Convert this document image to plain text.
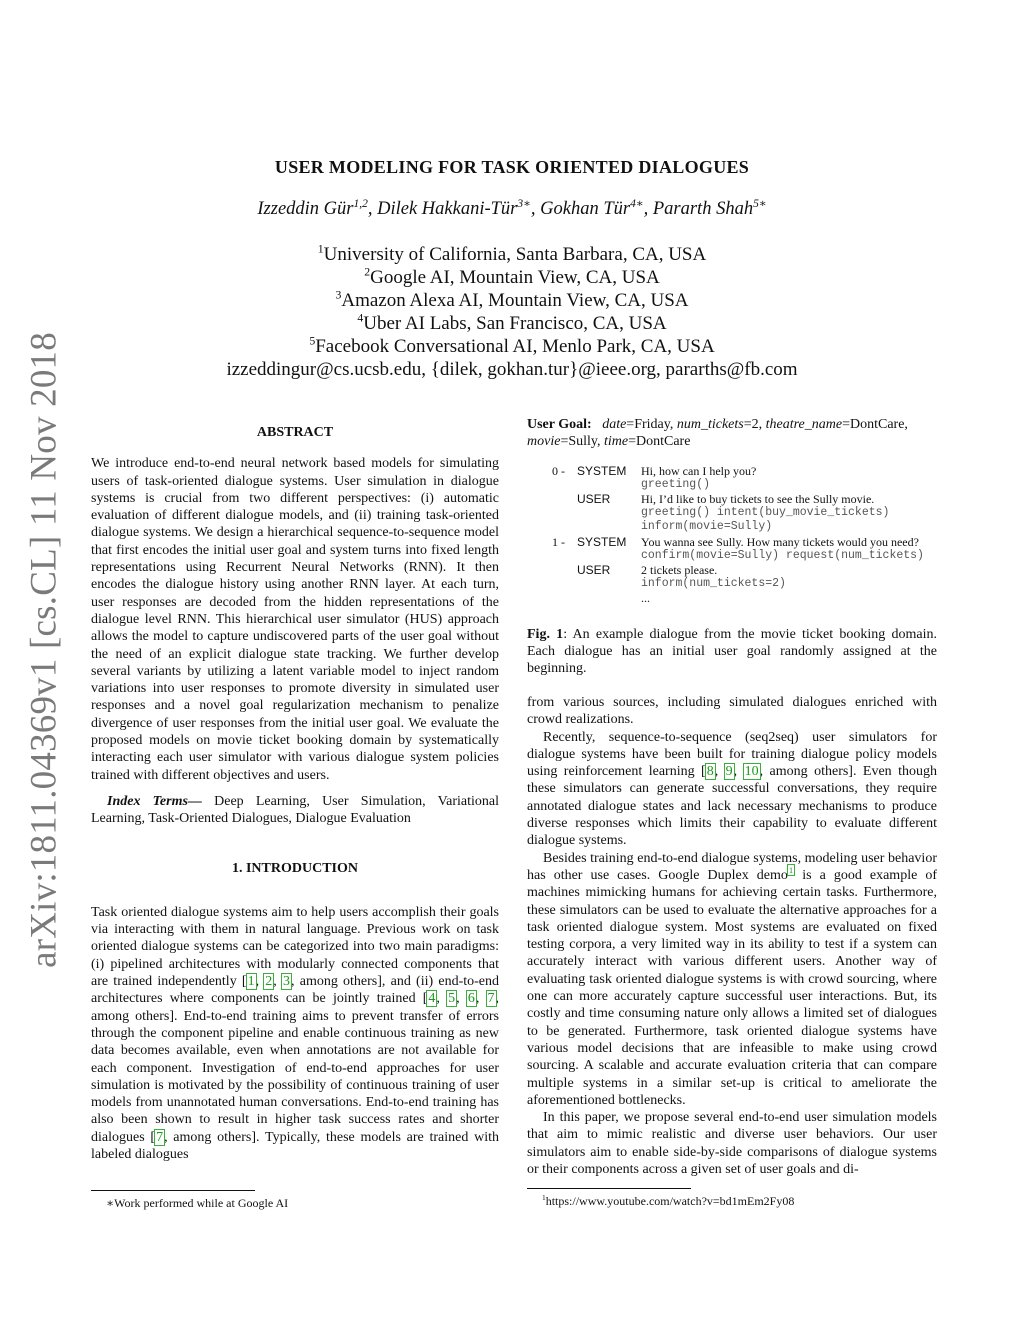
arXiv:1811.04369v1 [cs.CL] 11 Nov 2018
USER MODELING FOR TASK ORIENTED DIALOGUES
Izzeddin Gür$^{1,2}$, Dilek Hakkani-Tür$^{3∗}$, Gokhan Tür$^{4∗}$, Pararth Shah$^{5∗}$
$^1$University of California, Santa Barbara, CA, USA
$^2$Google AI, Mountain View, CA, USA
$^3$Amazon Alexa AI, Mountain View, CA, USA
$^4$Uber AI Labs, San Francisco, CA, USA
$^5$Facebook Conversational AI, Menlo Park, CA, USA
izzeddingur@cs.ucsb.edu, {dilek, gokhan.tur}@ieee.org, pararths@fb.com
ABSTRACT

We introduce end-to-end neural network based models for simulating users of task-oriented dialogue systems. User simulation in dialogue systems is crucial from two different perspectives: (i) automatic evaluation of different dialogue models, and (ii) training task-oriented dialogue systems. We design a hierarchical sequence-to-sequence model that first encodes the initial user goal and system turns into fixed length representations using Recurrent Neural Networks (RNN). It then encodes the dialogue history using another RNN layer. At each turn, user responses are decoded from the hidden representations of the dialogue level RNN. This hierarchical user simulator (HUS) approach allows the model to capture undiscovered parts of the user goal without the need of an explicit dialogue state tracking. We further develop several variants by utilizing a latent variable model to inject random variations into user responses to promote diversity in simulated user responses and a novel goal regularization mechanism to penalize divergence of user responses from the initial user goal. We evaluate the proposed models on movie ticket booking domain by systematically interacting each user simulator with various dialogue system policies trained with different objectives and users.

Index Terms— Deep Learning, User Simulation, Variational Learning, Task-Oriented Dialogues, Dialogue Evaluation

1. INTRODUCTION

Task oriented dialogue systems aim to help users accomplish their goals via interacting with them in natural language. Previous work on task oriented dialogue systems can be categorized into two main paradigms: (i) pipelined architectures with modularly connected components that are trained independently [1, 2, 3, among others], and (ii) end-to-end architectures where components can be jointly trained [4, 5, 6, 7, among others]. End-to-end training aims to prevent transfer of errors through the component pipeline and enable continuous training as new data becomes available, even when annotations are not available for each component. Investigation of end-to-end approaches for user simulation is motivated by the possibility of continuous training of user models from unannotated human conversations. End-to-end training has also been shown to result in higher task success rates and shorter dialogues [7, among others]. Typically, these models are trained with labeled dialogues

∗Work performed while at Google AI

User Goal: date=Friday, num_tickets=2, theatre_name=DontCare, movie=Sully, time=DontCare

0 -	SYSTEM	Hi, how can I help you?
greeting()
USER	Hi, I’d like to buy tickets to see the Sully movie.
greeting() intent(buy_movie_tickets)
inform(movie=Sully)
1 -	SYSTEM	You wanna see Sully. How many tickets would you need?
confirm(movie=Sully) request(num_tickets)
USER	2 tickets please.
inform(num_tickets=2)
...

Fig. 1: An example dialogue from the movie ticket booking domain. Each dialogue has an initial user goal randomly assigned at the beginning.

from various sources, including simulated dialogues enriched with crowd realizations.

Recently, sequence-to-sequence (seq2seq) user simulators for dialogue systems have been built for training dialogue policy models using reinforcement learning [8, 9, 10, among others]. Even though these simulators can generate successful conversations, they require annotated dialogue states and lack necessary mechanisms to produce diverse responses which limits their capability to evaluate different dialogue systems.

Besides training end-to-end dialogue systems, modeling user behavior has other use cases. Google Duplex demo$^1$ is a good example of machines mimicking humans for achieving certain tasks. Furthermore, these simulators can be used to evaluate the alternative approaches for a task oriented dialogue system. Most systems are evaluated on fixed testing corpora, a very limited way in its ability to test if a system can accurately interact with various different users. Another way of evaluating task oriented dialogue systems is with crowd sourcing, where one can more accurately capture successful user interactions. But, its costly and time consuming nature only allows a limited set of dialogues to be generated. Furthermore, task oriented dialogue systems have various model decisions that are infeasible to make using crowd sourcing. A scalable and accurate evaluation criteria that can compare multiple systems in a similar set-up is critical to ameliorate the aforementioned bottlenecks.

In this paper, we propose several end-to-end user simulation models that aim to mimic realistic and diverse user behaviors. Our user simulators aim to enable side-by-side comparisons of dialogue systems or their components across a given set of user goals and di-

$^1$https://www.youtube.com/watch?v=bd1mEm2Fy08
